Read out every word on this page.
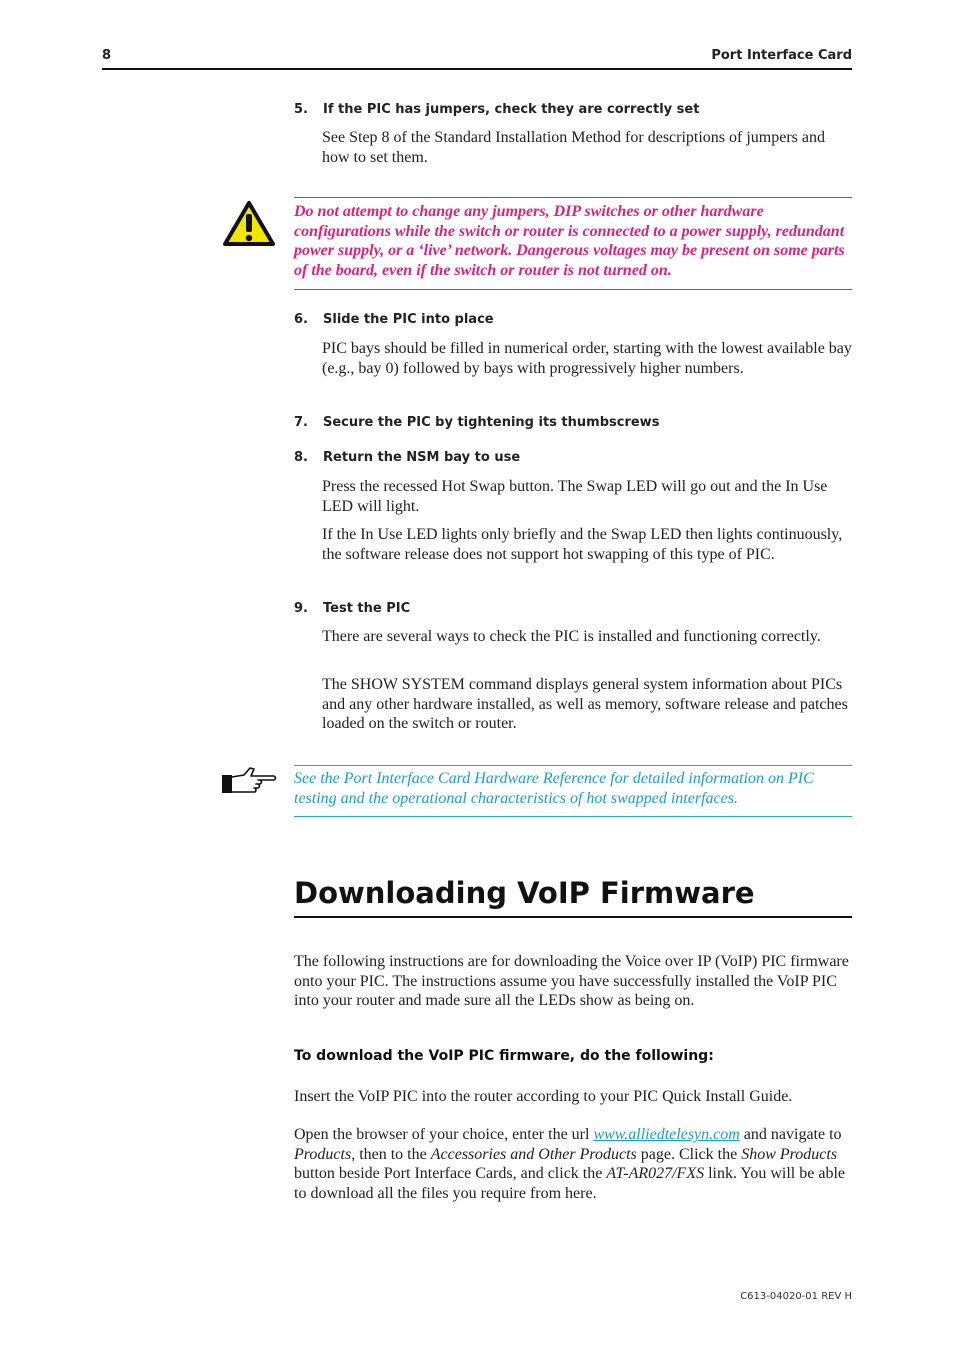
8	Port Interface Card
5. If the PIC has jumpers, check they are correctly set

See Step 8 of the Standard Installation Method for descriptions of jumpers and how to set them.

Do not attempt to change any jumpers, DIP switches or other hardware configurations while the switch or router is connected to a power supply, redundant power supply, or a ‘live’ network. Dangerous voltages may be present on some parts of the board, even if the switch or router is not turned on.

6. Slide the PIC into place

PIC bays should be filled in numerical order, starting with the lowest available bay (e.g., bay 0) followed by bays with progressively higher numbers.

7. Secure the PIC by tightening its thumbscrews
8. Return the NSM bay to use

Press the recessed Hot Swap button. The Swap LED will go out and the In Use LED will light.

If the In Use LED lights only briefly and the Swap LED then lights continuously, the software release does not support hot swapping of this type of PIC.

9. Test the PIC

There are several ways to check the PIC is installed and functioning correctly.

The SHOW SYSTEM command displays general system information about PICs and any other hardware installed, as well as memory, software release and patches loaded on the switch or router.

See the Port Interface Card Hardware Reference for detailed information on PIC testing and the operational characteristics of hot swapped interfaces.

Downloading VoIP Firmware

The following instructions are for downloading the Voice over IP (VoIP) PIC firmware onto your PIC. The instructions assume you have successfully installed the VoIP PIC into your router and made sure all the LEDs show as being on.

To download the VoIP PIC firmware, do the following:

Insert the VoIP PIC into the router according to your PIC Quick Install Guide.

Open the browser of your choice, enter the url www.alliedtelesyn.com and navigate to Products, then to the Accessories and Other Products page. Click the Show Products button beside Port Interface Cards, and click the AT-AR027/FXS link. You will be able to download all the files you require from here.

C613-04020-01 REV H
